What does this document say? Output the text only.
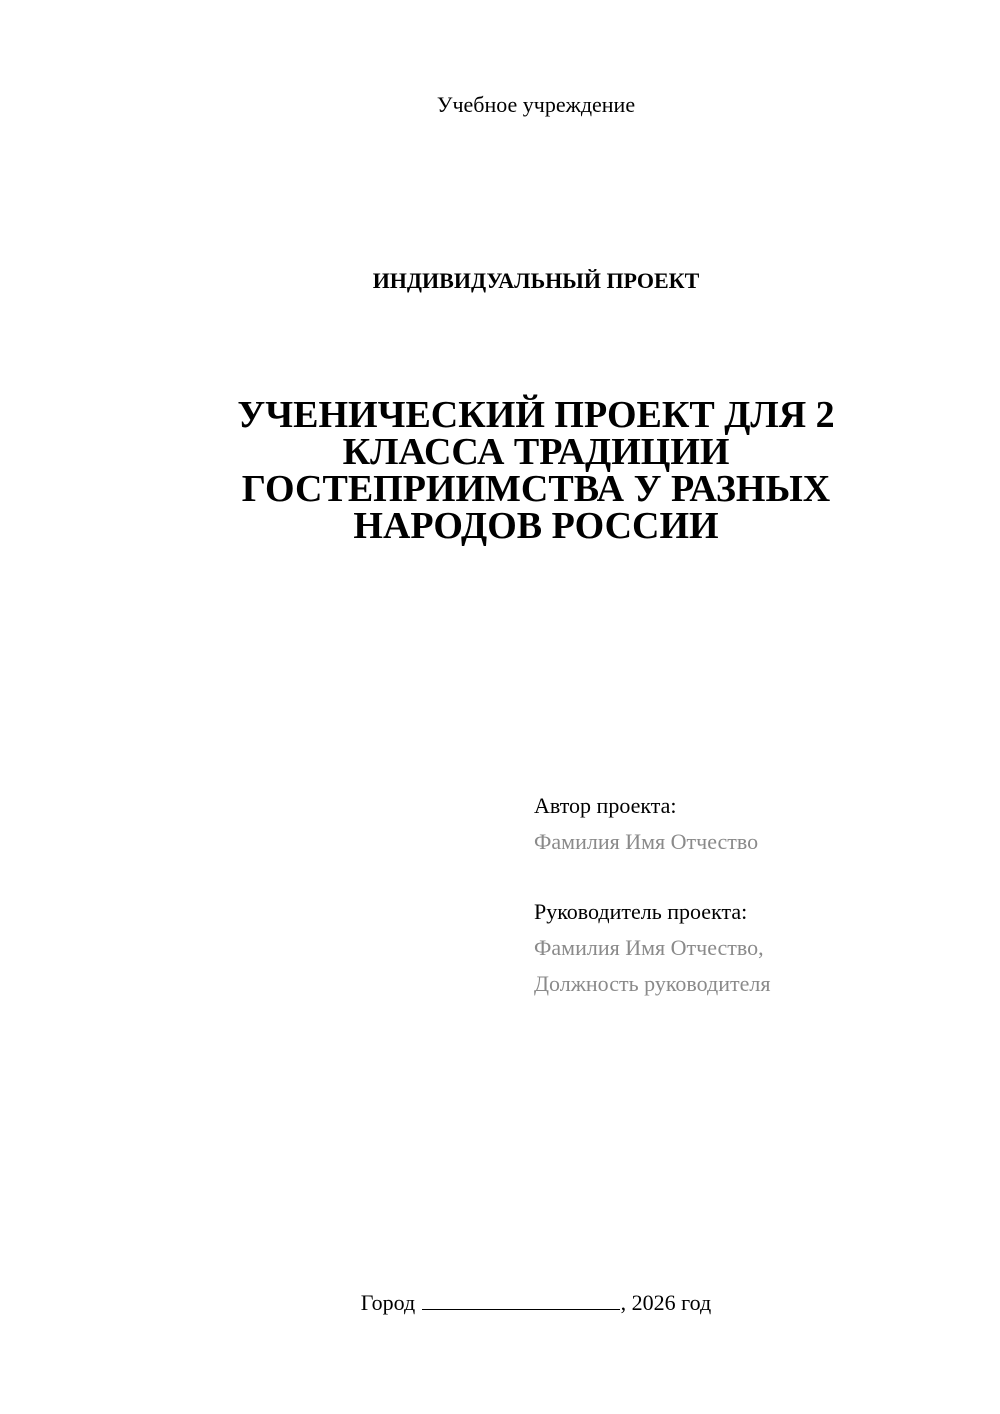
Учебное учреждение
ИНДИВИДУАЛЬНЫЙ ПРОЕКТ
УЧЕНИЧЕСКИЙ ПРОЕКТ ДЛЯ 2
КЛАССА ТРАДИЦИИ
ГОСТЕПРИИМСТВА У РАЗНЫХ
НАРОДОВ РОССИИ
Автор проекта:
Фамилия Имя Отчество
Руководитель проекта:
Фамилия Имя Отчество,
Должность руководителя
Город	, 2026 год
